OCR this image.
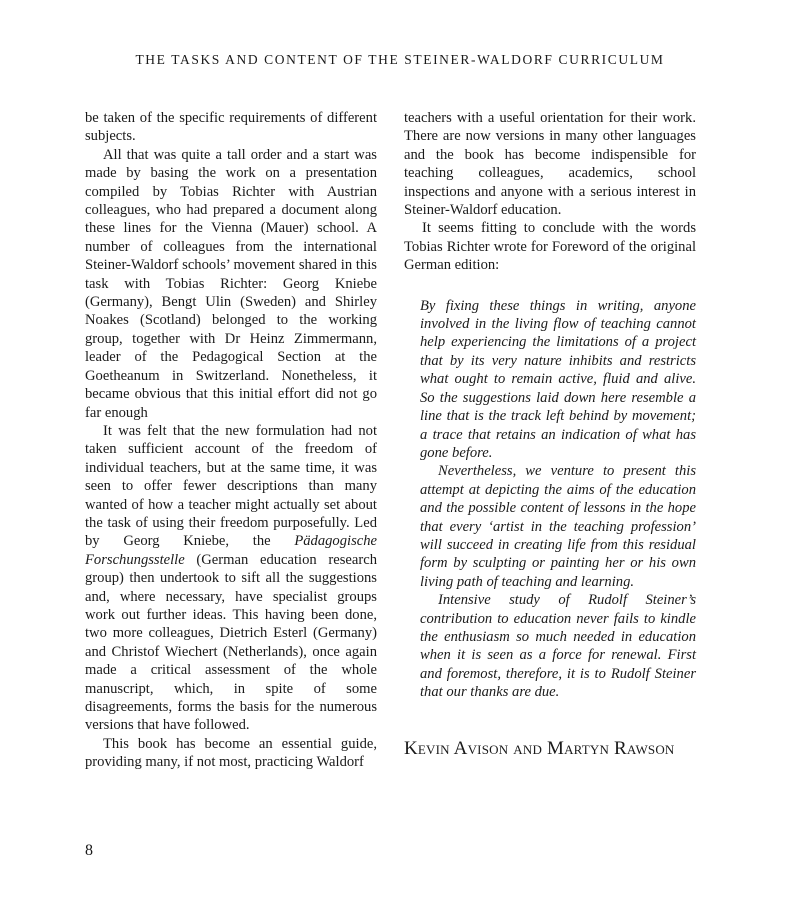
THE TASKS AND CONTENT OF THE STEINER-WALDORF CURRICULUM

be taken of the specific requirements of different subjects.

All that was quite a tall order and a start was made by basing the work on a presentation compiled by Tobias Richter with Austrian colleagues, who had prepared a document along these lines for the Vienna (Mauer) school. A number of colleagues from the international Steiner-Waldorf schools’ movement shared in this task with Tobias Richter: Georg Kniebe (Germany), Bengt Ulin (Sweden) and Shirley Noakes (Scotland) belonged to the working group, together with Dr Heinz Zimmermann, leader of the Pedagogical Section at the Goetheanum in Switzerland. Nonetheless, it became obvious that this initial effort did not go far enough

It was felt that the new formulation had not taken sufficient account of the freedom of individual teachers, but at the same time, it was seen to offer fewer descriptions than many wanted of how a teacher might actually set about the task of using their freedom purposefully. Led by Georg Kniebe, the Pädagogische Forschungsstelle (German education research group) then undertook to sift all the suggestions and, where necessary, have specialist groups work out further ideas. This having been done, two more colleagues, Dietrich Esterl (Germany) and Christof Wiechert (Netherlands), once again made a critical assessment of the whole manuscript, which, in spite of some disagreements, forms the basis for the numerous versions that have followed.

This book has become an essential guide, providing many, if not most, practicing Waldorf

teachers with a useful orientation for their work. There are now versions in many other languages and the book has become indispensible for teaching colleagues, academics, school inspections and anyone with a serious interest in Steiner-Waldorf education.

It seems fitting to conclude with the words Tobias Richter wrote for Foreword of the original German edition:

By fixing these things in writing, anyone involved in the living flow of teaching cannot help experiencing the limitations of a project that by its very nature inhibits and restricts what ought to remain active, fluid and alive. So the suggestions laid down here resemble a line that is the track left behind by movement; a trace that retains an indication of what has gone before.

Nevertheless, we venture to present this attempt at depicting the aims of the education and the possible content of lessons in the hope that every ‘artist in the teaching profession’ will succeed in creating life from this residual form by sculpting or painting her or his own living path of teaching and learning.

Intensive study of Rudolf Steiner’s contribution to education never fails to kindle the enthusiasm so much needed in education when it is seen as a force for renewal. First and foremost, therefore, it is to Rudolf Steiner that our thanks are due.

Kevin Avison and Martyn Rawson
8
